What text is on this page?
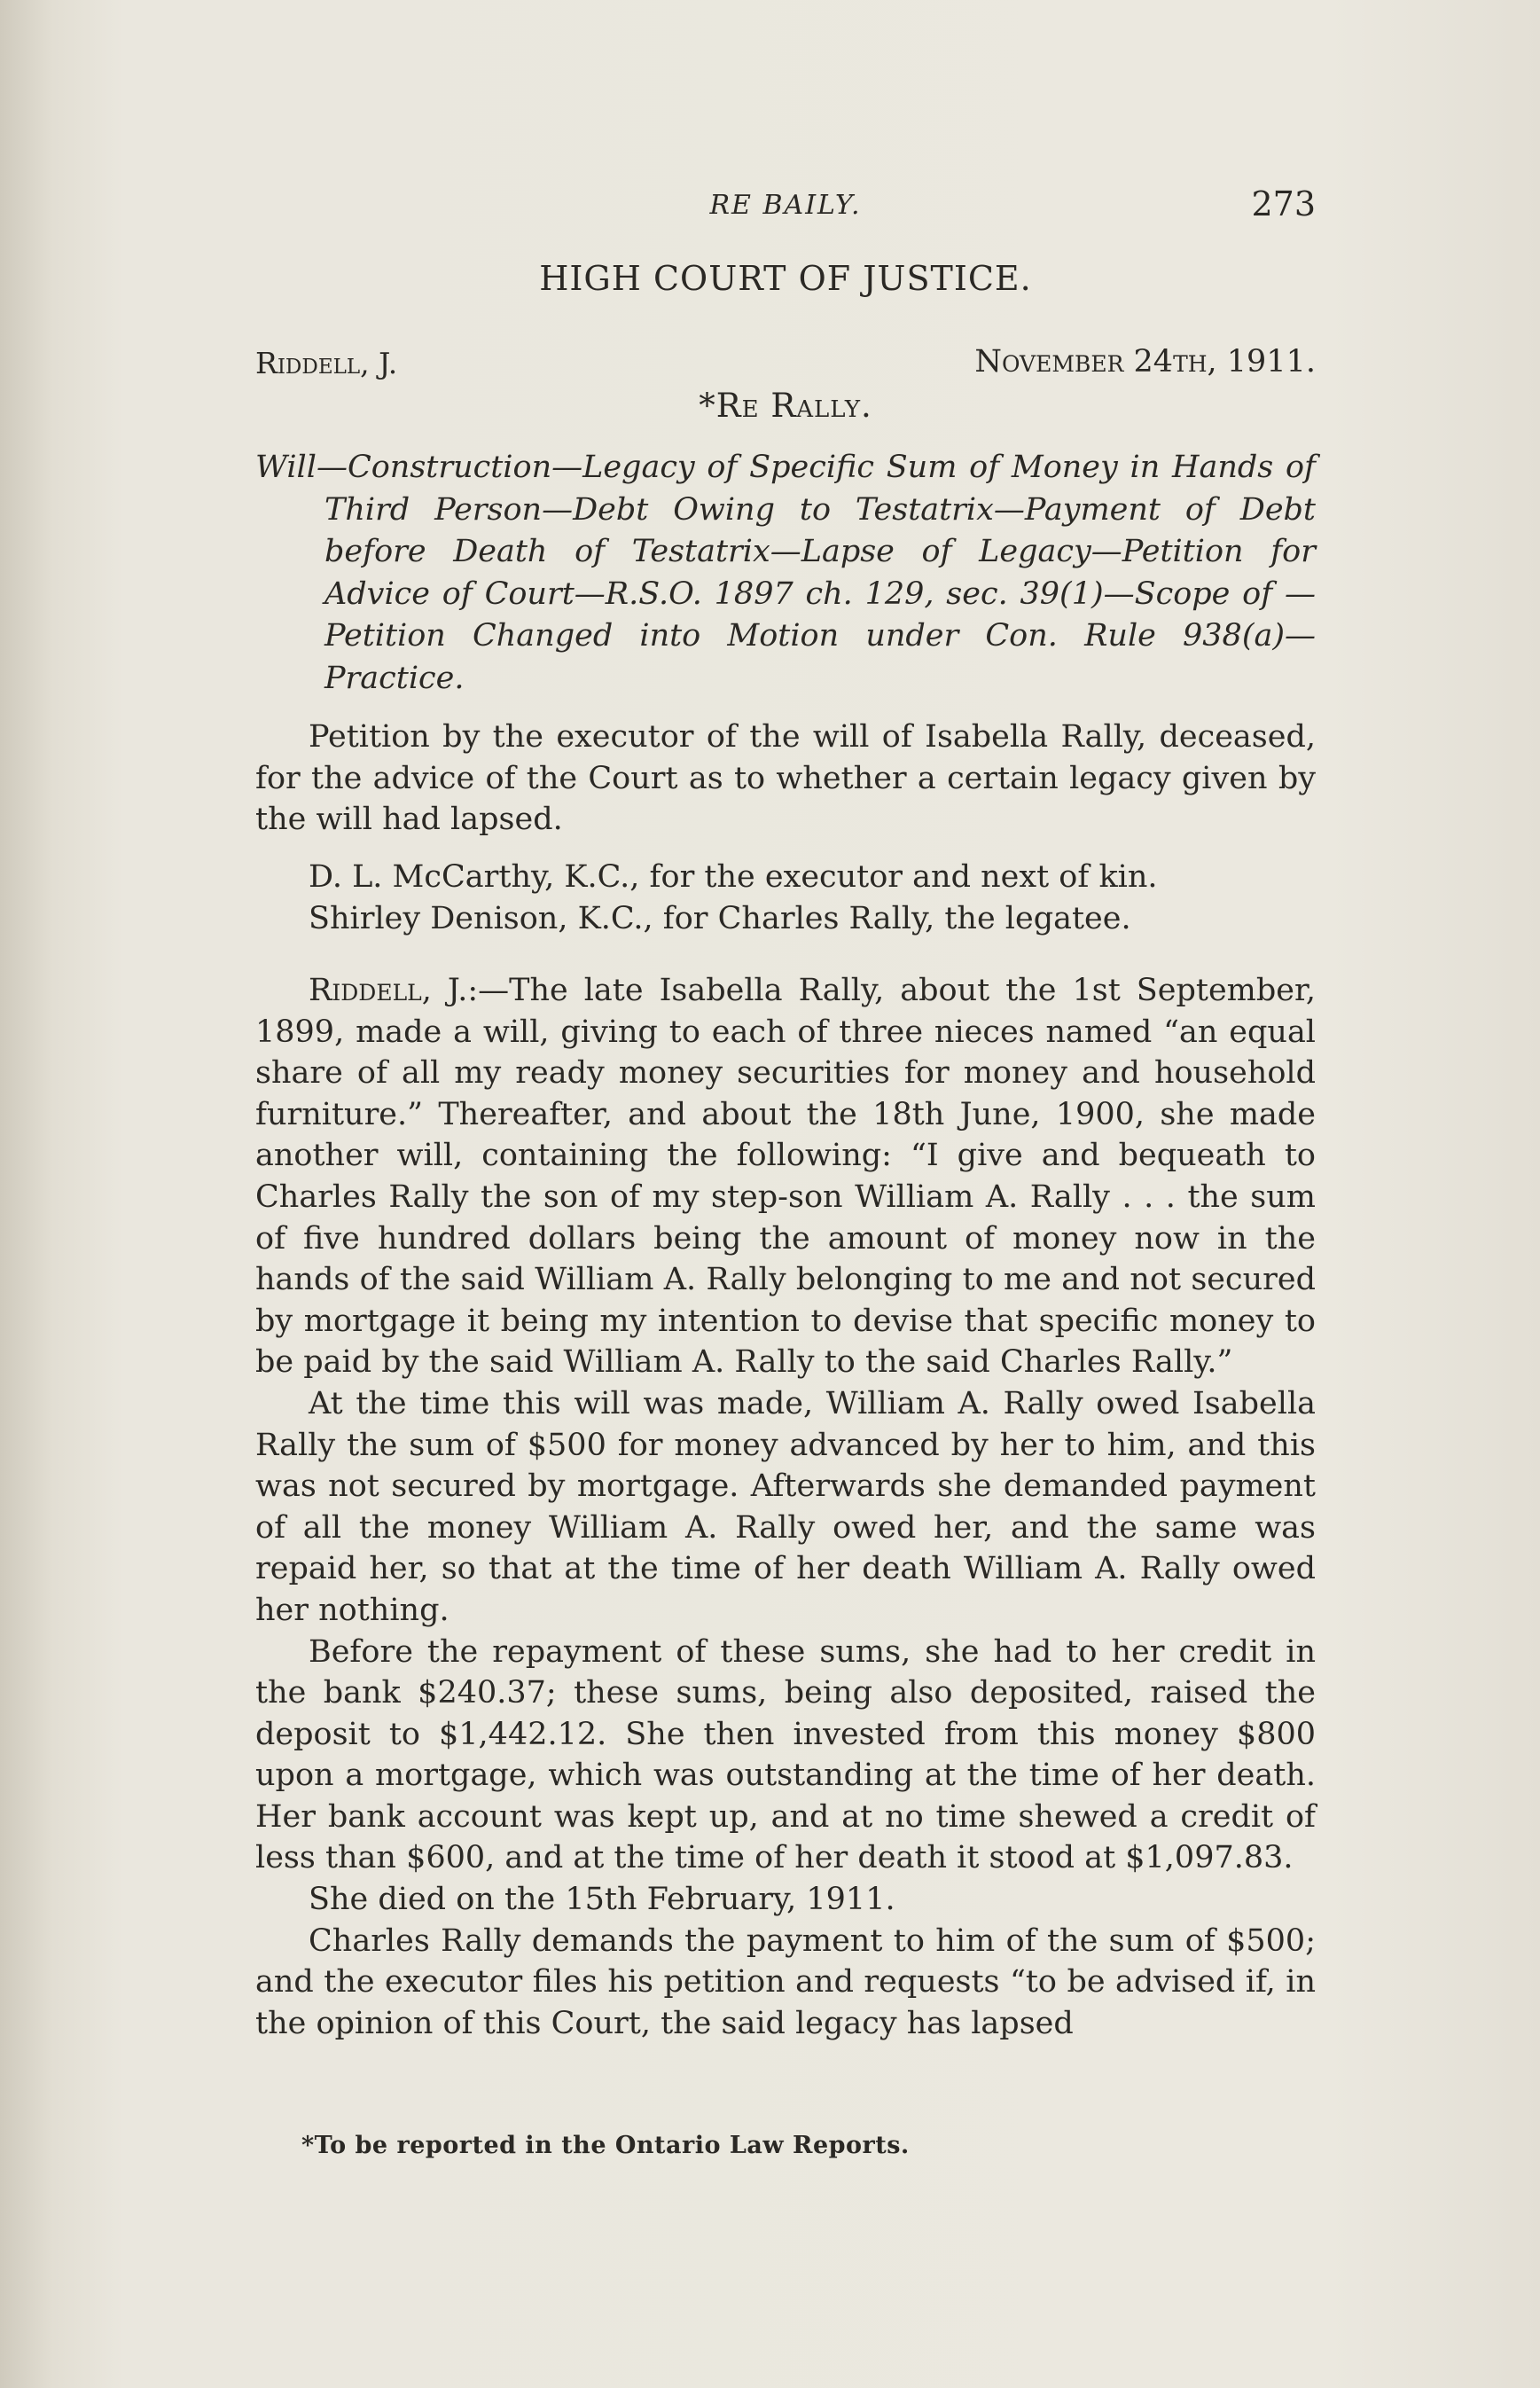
RE BAILY.	273
HIGH COURT OF JUSTICE.
Riddell, J.	November 24th, 1911.
*Re Rally.
Will—Construction—Legacy of Specific Sum of Money in Hands of Third Person—Debt Owing to Testatrix—Payment of Debt before Death of Testatrix—Lapse of Legacy—Petition for Advice of Court—R.S.O. 1897 ch. 129, sec. 39(1)—Scope of —Petition Changed into Motion under Con. Rule 938(a)—Practice.

Petition by the executor of the will of Isabella Rally, deceased, for the advice of the Court as to whether a certain legacy given by the will had lapsed.

D. L. McCarthy, K.C., for the executor and next of kin.

Shirley Denison, K.C., for Charles Rally, the legatee.

Riddell, J.:—The late Isabella Rally, about the 1st September, 1899, made a will, giving to each of three nieces named “an equal share of all my ready money securities for money and household furniture.” Thereafter, and about the 18th June, 1900, she made another will, containing the following: “I give and bequeath to Charles Rally the son of my step-son William A. Rally . . . the sum of five hundred dollars being the amount of money now in the hands of the said William A. Rally belonging to me and not secured by mortgage it being my intention to devise that specific money to be paid by the said William A. Rally to the said Charles Rally.”

At the time this will was made, William A. Rally owed Isabella Rally the sum of $500 for money advanced by her to him, and this was not secured by mortgage. Afterwards she demanded payment of all the money William A. Rally owed her, and the same was repaid her, so that at the time of her death William A. Rally owed her nothing.

Before the repayment of these sums, she had to her credit in the bank $240.37; these sums, being also deposited, raised the deposit to $1,442.12. She then invested from this money $800 upon a mortgage, which was outstanding at the time of her death. Her bank account was kept up, and at no time shewed a credit of less than $600, and at the time of her death it stood at $1,097.83.

She died on the 15th February, 1911.

Charles Rally demands the payment to him of the sum of $500; and the executor files his petition and requests “to be advised if, in the opinion of this Court, the said legacy has lapsed

*To be reported in the Ontario Law Reports.
